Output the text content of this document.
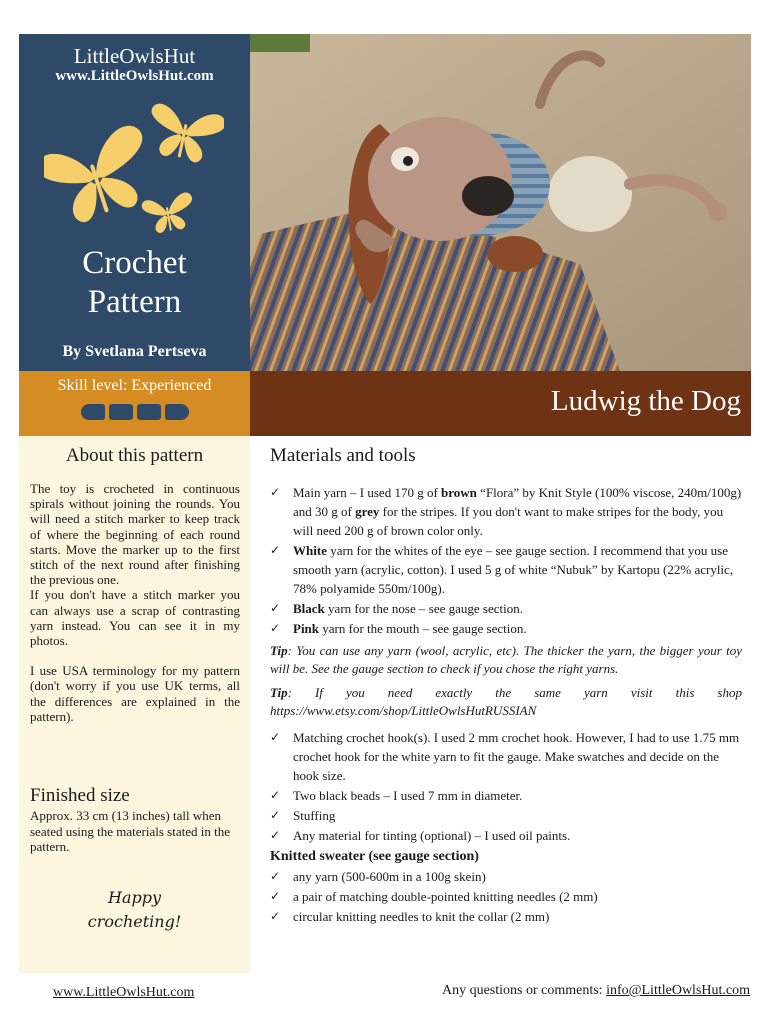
LittleOwlsHut
www.LittleOwlsHut.com
Crochet
Pattern
By Svetlana Pertseva
Skill level: Experienced	Ludwig the Dog
About this pattern

The toy is crocheted in continuous spirals without joining the rounds. You will need a stitch marker to keep track of where the beginning of each round starts. Move the marker up to the first stitch of the next round after finishing the previous one.

If you don't have a stitch marker you can always use a scrap of contrasting yarn instead. You can see it in my photos.

I use USA terminology for my pattern (don't worry if you use UK terms, all the differences are explained in the pattern).

Finished size
Approx. 33 cm (13 inches) tall when seated using the materials stated in the pattern.
Happy
crocheting!
Materials and tools
✓ Main yarn – I used 170 g of brown “Flora” by Knit Style (100% viscose, 240m/100g) and 30 g of grey for the stripes. If you don't want to make stripes for the body, you will need 200 g of brown color only.
✓ White yarn for the whites of the eye – see gauge section. I recommend that you use smooth yarn (acrylic, cotton). I used 5 g of white “Nubuk” by Kartopu (22% acrylic, 78% polyamide 550m/100g).
✓ Black yarn for the nose – see gauge section.
✓ Pink yarn for the mouth – see gauge section.

Tip: You can use any yarn (wool, acrylic, etc). The thicker the yarn, the bigger your toy will be. See the gauge section to check if you chose the right yarns.

Tip: If you need exactly the same yarn visit this shop https://www.etsy.com/shop/LittleOwlsHutRUSSIAN

✓ Matching crochet hook(s). I used 2 mm crochet hook. However, I had to use 1.75 mm crochet hook for the white yarn to fit the gauge. Make swatches and decide on the hook size.
✓ Two black beads – I used 7 mm in diameter.
✓ Stuffing
✓ Any material for tinting (optional) – I used oil paints.
Knitted sweater (see gauge section)
✓ any yarn (500-600m in a 100g skein)
✓ a pair of matching double-pointed knitting needles (2 mm)
✓ circular knitting needles to knit the collar (2 mm)
www.LittleOwlsHut.com	Any questions or comments: info@LittleOwlsHut.com
